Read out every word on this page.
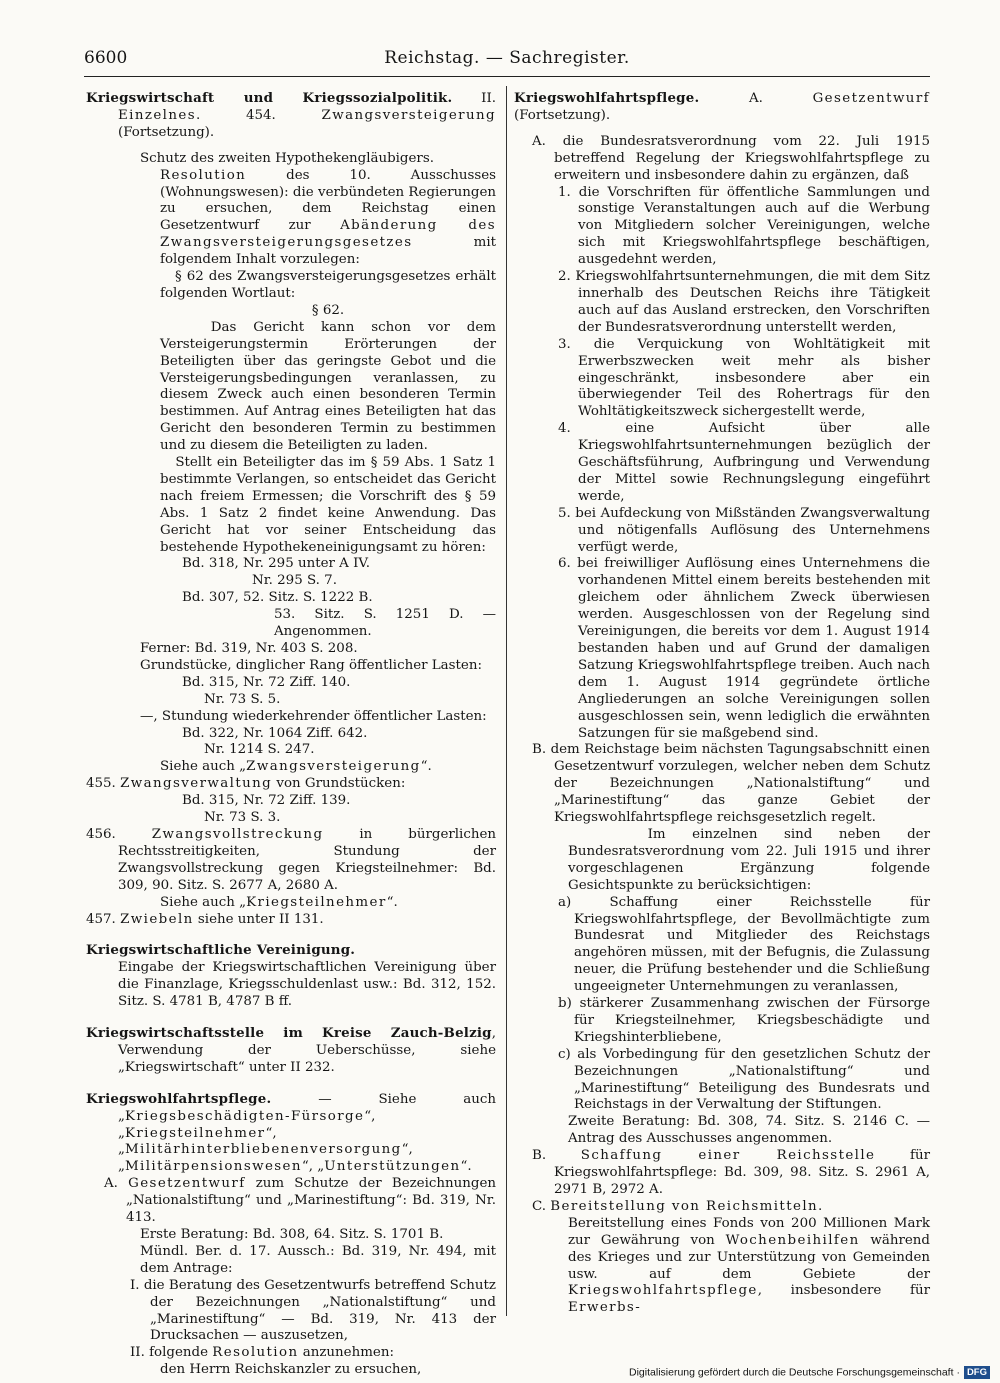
6600	Reichstag. — Sachregister.

Kriegswirtschaft und Kriegssozialpolitik. II. Einzelnes. 454. Zwangsversteigerung (Fortsetzung).

Schutz des zweiten Hypothekengläubigers.

Resolution des 10. Ausschusses (Wohnungswesen): die verbündeten Regierungen zu ersuchen, dem Reichstag einen Gesetzentwurf zur Abänderung des Zwangsversteigerungsgesetzes mit folgendem Inhalt vorzulegen:

§ 62 des Zwangsversteigerungsgesetzes erhält folgenden Wortlaut:

§ 62.

Das Gericht kann schon vor dem Versteigerungstermin Erörterungen der Beteiligten über das geringste Gebot und die Versteigerungsbedingungen veranlassen, zu diesem Zweck auch einen besonderen Termin bestimmen. Auf Antrag eines Beteiligten hat das Gericht den besonderen Termin zu bestimmen und zu diesem die Beteiligten zu laden.

Stellt ein Beteiligter das im § 59 Abs. 1 Satz 1 bestimmte Verlangen, so entscheidet das Gericht nach freiem Ermessen; die Vorschrift des § 59 Abs. 1 Satz 2 findet keine Anwendung. Das Gericht hat vor seiner Entscheidung das bestehende Hypothekeneinigungsamt zu hören:

Bd. 318, Nr. 295 unter A IV.

Nr. 295 S. 7.

Bd. 307, 52. Sitz. S. 1222 B.

53. Sitz. S. 1251 D. — Angenommen.

Ferner: Bd. 319, Nr. 403 S. 208.

Grundstücke, dinglicher Rang öffentlicher Lasten:

Bd. 315, Nr. 72 Ziff. 140.

Nr. 73 S. 5.

—, Stundung wiederkehrender öffentlicher Lasten:

Bd. 322, Nr. 1064 Ziff. 642.

Nr. 1214 S. 247.

Siehe auch „Zwangsversteigerung“.

455. Zwangsverwaltung von Grundstücken:

Bd. 315, Nr. 72 Ziff. 139.

Nr. 73 S. 3.

456. Zwangsvollstreckung in bürgerlichen Rechtsstreitigkeiten, Stundung der Zwangsvollstreckung gegen Kriegsteilnehmer: Bd. 309, 90. Sitz. S. 2677 A, 2680 A.

Siehe auch „Kriegsteilnehmer“.

457. Zwiebeln siehe unter II 131.

Kriegswirtschaftliche Vereinigung.

Eingabe der Kriegswirtschaftlichen Vereinigung über die Finanzlage, Kriegsschuldenlast usw.: Bd. 312, 152. Sitz. S. 4781 B, 4787 B ff.

Kriegswirtschaftsstelle im Kreise Zauch-Belzig, Verwendung der Ueberschüsse, siehe „Kriegswirtschaft“ unter II 232.

Kriegswohlfahrtspflege. — Siehe auch „Kriegsbeschädigten-Fürsorge“, „Kriegsteilnehmer“, „Militärhinterbliebenenversorgung“, „Militärpensionswesen“, „Unterstützungen“.

A. Gesetzentwurf zum Schutze der Bezeichnungen „Nationalstiftung“ und „Marinestiftung“: Bd. 319, Nr. 413.

Erste Beratung: Bd. 308, 64. Sitz. S. 1701 B.

Mündl. Ber. d. 17. Aussch.: Bd. 319, Nr. 494, mit dem Antrage:

I. die Beratung des Gesetzentwurfs betreffend Schutz der Bezeichnungen „Nationalstiftung“ und „Marinestiftung“ — Bd. 319, Nr. 413 der Drucksachen — auszusetzen,

II. folgende Resolution anzunehmen:

den Herrn Reichskanzler zu ersuchen,

Kriegswohlfahrtspflege. A. Gesetzentwurf (Fortsetzung).

A. die Bundesratsverordnung vom 22. Juli 1915 betreffend Regelung der Kriegswohlfahrtspflege zu erweitern und insbesondere dahin zu ergänzen, daß

1. die Vorschriften für öffentliche Sammlungen und sonstige Veranstaltungen auch auf die Werbung von Mitgliedern solcher Vereinigungen, welche sich mit Kriegswohlfahrtspflege beschäftigen, ausgedehnt werden,

2. Kriegswohlfahrtsunternehmungen, die mit dem Sitz innerhalb des Deutschen Reichs ihre Tätigkeit auch auf das Ausland erstrecken, den Vorschriften der Bundesratsverordnung unterstellt werden,

3. die Verquickung von Wohltätigkeit mit Erwerbszwecken weit mehr als bisher eingeschränkt, insbesondere aber ein überwiegender Teil des Rohertrags für den Wohltätigkeitszweck sichergestellt werde,

4. eine Aufsicht über alle Kriegswohlfahrtsunternehmungen bezüglich der Geschäftsführung, Aufbringung und Verwendung der Mittel sowie Rechnungslegung eingeführt werde,

5. bei Aufdeckung von Mißständen Zwangsverwaltung und nötigenfalls Auflösung des Unternehmens verfügt werde,

6. bei freiwilliger Auflösung eines Unternehmens die vorhandenen Mittel einem bereits bestehenden mit gleichem oder ähnlichem Zweck überwiesen werden. Ausgeschlossen von der Regelung sind Vereinigungen, die bereits vor dem 1. August 1914 bestanden haben und auf Grund der damaligen Satzung Kriegswohlfahrtspflege treiben. Auch nach dem 1. August 1914 gegründete örtliche Angliederungen an solche Vereinigungen sollen ausgeschlossen sein, wenn lediglich die erwähnten Satzungen für sie maßgebend sind.

B. dem Reichstage beim nächsten Tagungsabschnitt einen Gesetzentwurf vorzulegen, welcher neben dem Schutz der Bezeichnungen „Nationalstiftung“ und „Marinestiftung“ das ganze Gebiet der Kriegswohlfahrtspflege reichsgesetzlich regelt.

Im einzelnen sind neben der Bundesratsverordnung vom 22. Juli 1915 und ihrer vorgeschlagenen Ergänzung folgende Gesichtspunkte zu berücksichtigen:

a) Schaffung einer Reichsstelle für Kriegswohlfahrtspflege, der Bevollmächtigte zum Bundesrat und Mitglieder des Reichstags angehören müssen, mit der Befugnis, die Zulassung neuer, die Prüfung bestehender und die Schließung ungeeigneter Unternehmungen zu veranlassen,

b) stärkerer Zusammenhang zwischen der Fürsorge für Kriegsteilnehmer, Kriegsbeschädigte und Kriegshinterbliebene,

c) als Vorbedingung für den gesetzlichen Schutz der Bezeichnungen „Nationalstiftung“ und „Marinestiftung“ Beteiligung des Bundesrats und Reichstags in der Verwaltung der Stiftungen.

Zweite Beratung: Bd. 308, 74. Sitz. S. 2146 C. — Antrag des Ausschusses angenommen.

B. Schaffung einer Reichsstelle für Kriegswohlfahrtspflege: Bd. 309, 98. Sitz. S. 2961 A, 2971 B, 2972 A.

C. Bereitstellung von Reichsmitteln.

Bereitstellung eines Fonds von 200 Millionen Mark zur Gewährung von Wochenbeihilfen während des Krieges und zur Unterstützung von Gemeinden usw. auf dem Gebiete der Kriegswohlfahrtspflege, insbesondere für Erwerbs-

Digitalisierung gefördert durch die Deutsche Forschungsgemeinschaft · DFG
